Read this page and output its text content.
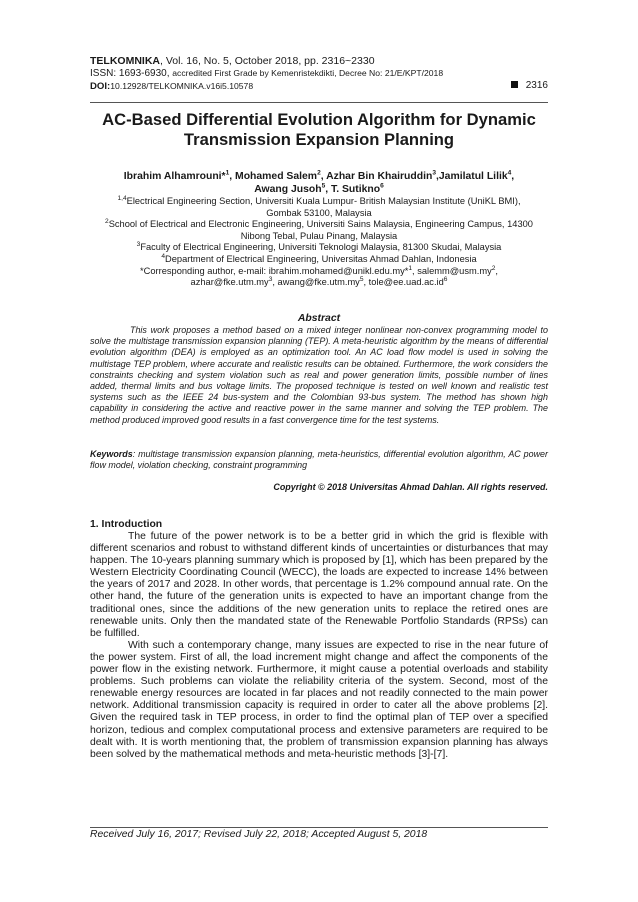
TELKOMNIKA, Vol. 16, No. 5, October 2018, pp. 2316~2330
ISSN: 1693-6930, accredited First Grade by Kemenristekdikti, Decree No: 21/E/KPT/2018
DOI:10.12928/TELKOMNIKA.v16i5.10578	2316
AC-Based Differential Evolution Algorithm for Dynamic
Transmission Expansion Planning
Ibrahim Alhamrouni*$^1$, Mohamed Salem$^2$, Azhar Bin Khairuddin$^3$,Jamilatul Lilik$^4$,
Awang Jusoh$^5$, T. Sutikno$^6$
$^{1,4}$Electrical Engineering Section, Universiti Kuala Lumpur- British Malaysian Institute (UniKL BMI),
Gombak 53100, Malaysia
$^2$School of Electrical and Electronic Engineering, Universiti Sains Malaysia, Engineering Campus, 14300
Nibong Tebal, Pulau Pinang, Malaysia
$^3$Faculty of Electrical Engineering, Universiti Teknologi Malaysia, 81300 Skudai, Malaysia
$^4$Department of Electrical Engineering, Universitas Ahmad Dahlan, Indonesia
*Corresponding author, e-mail: ibrahim.mohamed@unikl.edu.my*$^1$, $salemm@usm.my^2$,
$azhar@fke.utm.my^3$, $awang@fke.utm.my^5$, $tole@ee.uad.ac.id^6$
Abstract
This work proposes a method based on a mixed integer nonlinear non-convex programming model to solve the multistage transmission expansion planning (TEP). A meta-heuristic algorithm by the means of differential evolution algorithm (DEA) is employed as an optimization tool. An AC load flow model is used in solving the multistage TEP problem, where accurate and realistic results can be obtained. Furthermore, the work considers the constraints checking and system violation such as real and power generation limits, possible number of lines added, thermal limits and bus voltage limits. The proposed technique is tested on well known and realistic test systems such as the IEEE 24 bus-system and the Colombian 93-bus system. The method has shown high capability in considering the active and reactive power in the same manner and solving the TEP problem. The method produced improved good results in a fast convergence time for the test systems.
Keywords: multistage transmission expansion planning, meta-heuristics, differential evolution algorithm, AC power flow model, violation checking, constraint programming
Copyright © 2018 Universitas Ahmad Dahlan. All rights reserved.
1. Introduction

The future of the power network is to be a better grid in which the grid is flexible with different scenarios and robust to withstand different kinds of uncertainties or disturbances that may happen. The 10-years planning summary which is proposed by [1], which has been prepared by the Western Electricity Coordinating Council (WECC), the loads are expected to increase 14% between the years of 2017 and 2028. In other words, that percentage is 1.2% compound annual rate. On the other hand, the future of the generation units is expected to have an important change from the traditional ones, since the additions of the new generation units to replace the retired ones are renewable units. Only then the mandated state of the Renewable Portfolio Standards (RPSs) can be fulfilled.

With such a contemporary change, many issues are expected to rise in the near future of the power system. First of all, the load increment might change and affect the components of the power flow in the existing network. Furthermore, it might cause a potential overloads and stability problems. Such problems can violate the reliability criteria of the system. Second, most of the renewable energy resources are located in far places and not readily connected to the main power network. Additional transmission capacity is required in order to cater all the above problems [2]. Given the required task in TEP process, in order to find the optimal plan of TEP over a specified horizon, tedious and complex computational process and extensive parameters are required to be dealt with. It is worth mentioning that, the problem of transmission expansion planning has always been solved by the mathematical methods and meta-heuristic methods [3]-[7].

Received July 16, 2017; Revised July 22, 2018; Accepted August 5, 2018
